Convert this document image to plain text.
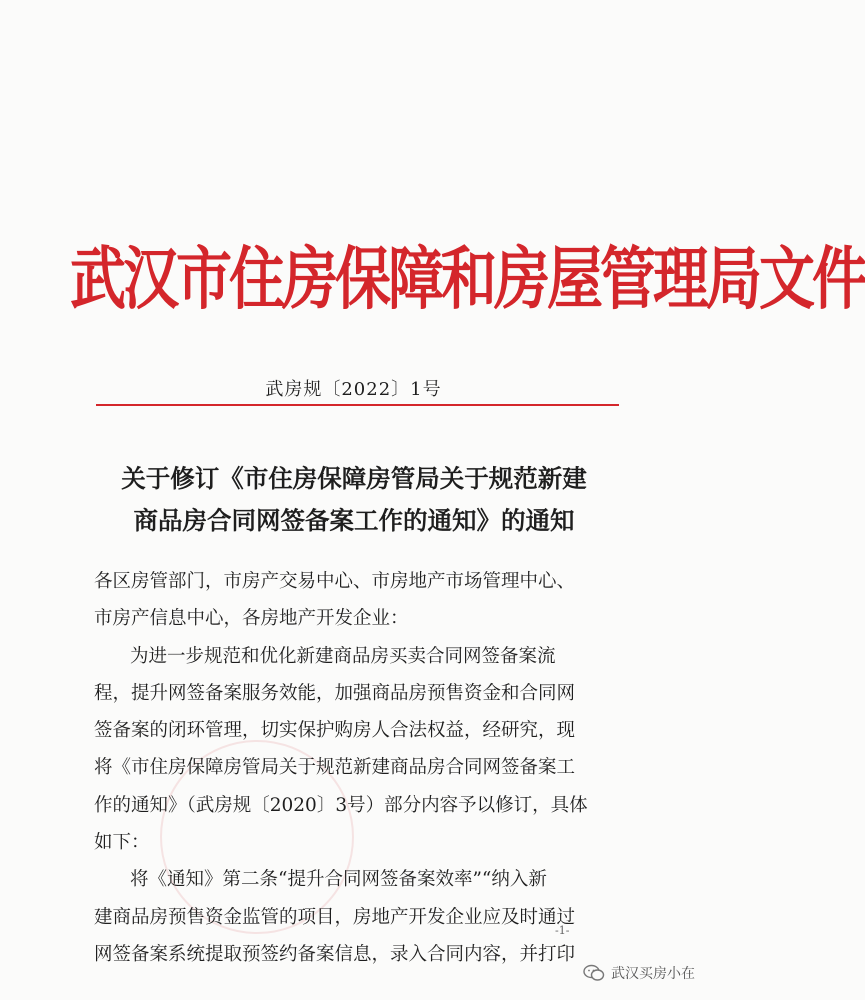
武汉市住房保障和房屋管理局文件
武房规〔2022〕1号
关于修订《市住房保障房管局关于规范新建
商品房合同网签备案工作的通知》的通知

各区房管部门，市房产交易中心、市房地产市场管理中心、

市房产信息中心，各房地产开发企业：

为进一步规范和优化新建商品房买卖合同网签备案流

程，提升网签备案服务效能，加强商品房预售资金和合同网

签备案的闭环管理，切实保护购房人合法权益，经研究，现

将《市住房保障房管局关于规范新建商品房合同网签备案工

作的通知》（武房规〔2020〕3号）部分内容予以修订，具体

如下：

将《通知》第二条“提升合同网签备案效率”“纳入新

建商品房预售资金监管的项目，房地产开发企业应及时通过

网签备案系统提取预签约备案信息，录入合同内容，并打印

-1-
武汉买房小在
